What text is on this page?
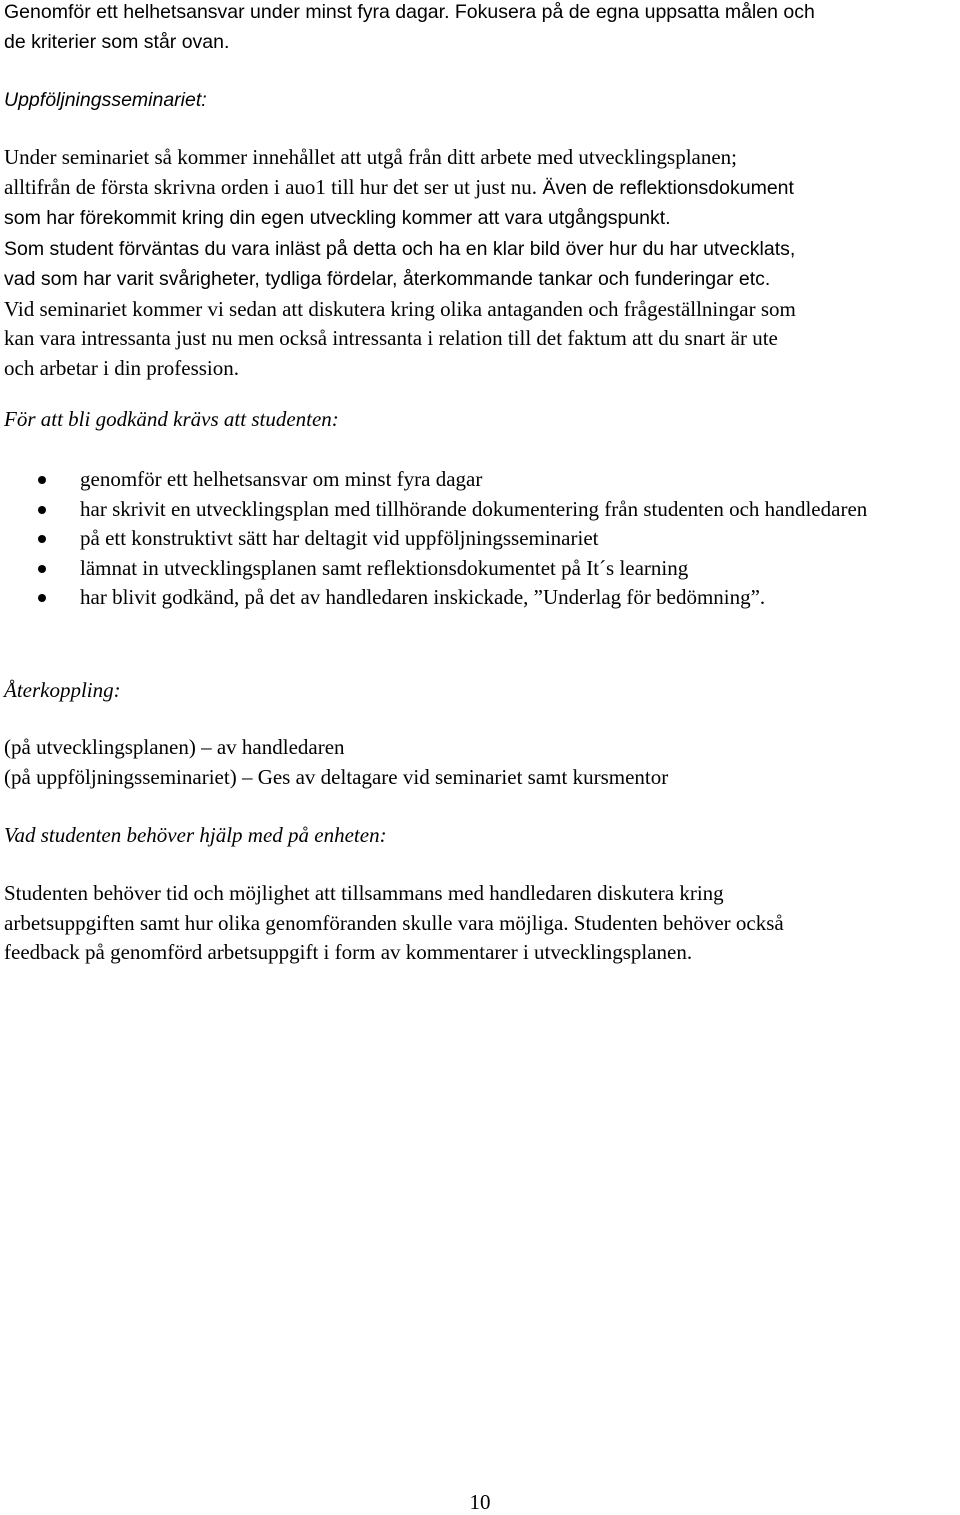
Genomför ett helhetsansvar under minst fyra dagar. Fokusera på de egna uppsatta målen och
de kriterier som står ovan.

Uppföljningsseminariet:

Under seminariet så kommer innehållet att utgå från ditt arbete med utvecklingsplanen;
alltifrån de första skrivna orden i auo1 till hur det ser ut just nu. Även de reflektionsdokument
som har förekommit kring din egen utveckling kommer att vara utgångspunkt.
Som student förväntas du vara inläst på detta och ha en klar bild över hur du har utvecklats,
vad som har varit svårigheter, tydliga fördelar, återkommande tankar och funderingar etc.
Vid seminariet kommer vi sedan att diskutera kring olika antaganden och frågeställningar som
kan vara intressanta just nu men också intressanta i relation till det faktum att du snart är ute
och arbetar i din profession.

För att bli godkänd krävs att studenten:

genomför ett helhetsansvar om minst fyra dagar
har skrivit en utvecklingsplan med tillhörande dokumentering från studenten och handledaren
på ett konstruktivt sätt har deltagit vid uppföljningsseminariet
lämnat in utvecklingsplanen samt reflektionsdokumentet på It´s learning
har blivit godkänd, på det av handledaren inskickade, ”Underlag för bedömning”.

Återkoppling:

(på utvecklingsplanen) – av handledaren
(på uppföljningsseminariet) – Ges av deltagare vid seminariet samt kursmentor

Vad studenten behöver hjälp med på enheten:

Studenten behöver tid och möjlighet att tillsammans med handledaren diskutera kring
arbetsuppgiften samt hur olika genomföranden skulle vara möjliga. Studenten behöver också
feedback på genomförd arbetsuppgift i form av kommentarer i utvecklingsplanen.
10
